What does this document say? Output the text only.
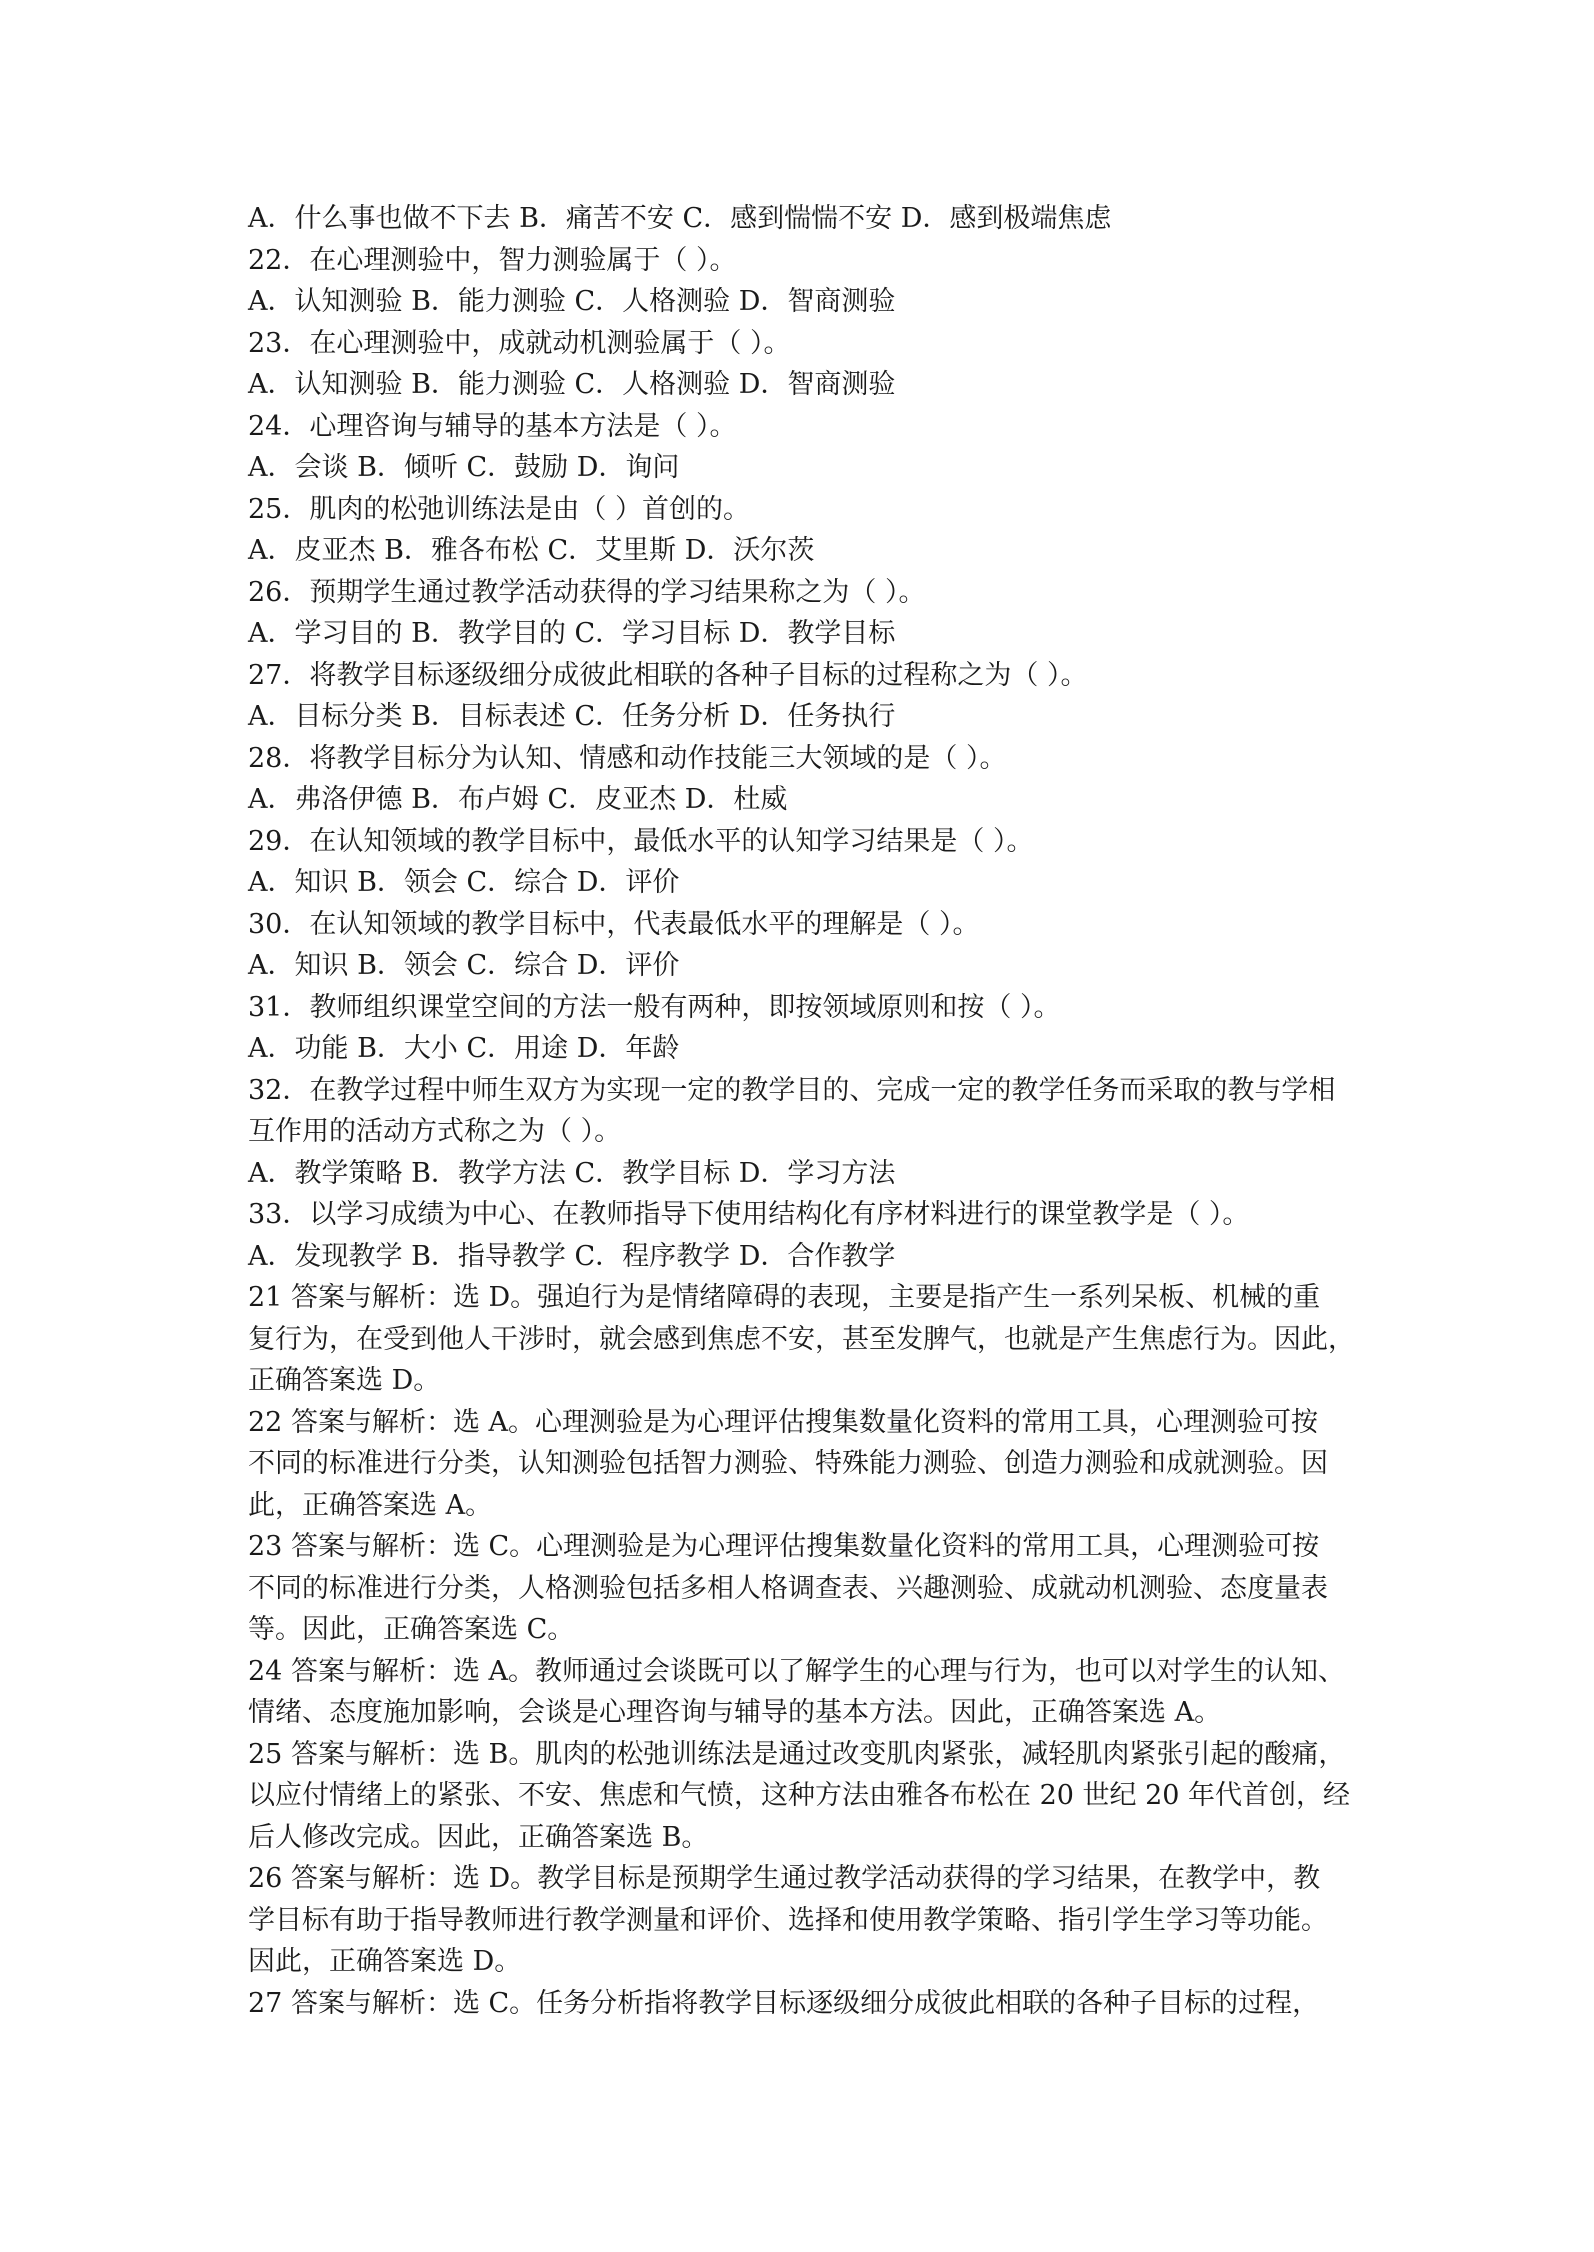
A．什么事也做不下去 B．痛苦不安 C．感到惴惴不安 D．感到极端焦虑
22．在心理测验中，智力测验属于（ ）。
A．认知测验 B．能力测验 C．人格测验 D．智商测验
23．在心理测验中，成就动机测验属于（ ）。
A．认知测验 B．能力测验 C．人格测验 D．智商测验
24．心理咨询与辅导的基本方法是（ ）。
A．会谈 B．倾听 C．鼓励 D．询问
25．肌肉的松弛训练法是由（ ）首创的。
A．皮亚杰 B．雅各布松 C．艾里斯 D．沃尔茨
26．预期学生通过教学活动获得的学习结果称之为（ ）。
A．学习目的 B．教学目的 C．学习目标 D．教学目标
27．将教学目标逐级细分成彼此相联的各种子目标的过程称之为（ ）。
A．目标分类 B．目标表述 C．任务分析 D．任务执行
28．将教学目标分为认知、情感和动作技能三大领域的是（ ）。
A．弗洛伊德 B．布卢姆 C．皮亚杰 D．杜威
29．在认知领域的教学目标中，最低水平的认知学习结果是（ ）。
A．知识 B．领会 C．综合 D．评价
30．在认知领域的教学目标中，代表最低水平的理解是（ ）。
A．知识 B．领会 C．综合 D．评价
31．教师组织课堂空间的方法一般有两种，即按领域原则和按（ ）。
A．功能 B．大小 C．用途 D．年龄
32．在教学过程中师生双方为实现一定的教学目的、完成一定的教学任务而采取的教与学相
互作用的活动方式称之为（ ）。
A．教学策略 B．教学方法 C．教学目标 D．学习方法
33．以学习成绩为中心、在教师指导下使用结构化有序材料进行的课堂教学是（ ）。
A．发现教学 B．指导教学 C．程序教学 D．合作教学
21 答案与解析：选 D。强迫行为是情绪障碍的表现，主要是指产生一系列呆板、机械的重
复行为，在受到他人干涉时，就会感到焦虑不安，甚至发脾气，也就是产生焦虑行为。因此，
正确答案选 D。
22 答案与解析：选 A。心理测验是为心理评估搜集数量化资料的常用工具，心理测验可按
不同的标准进行分类，认知测验包括智力测验、特殊能力测验、创造力测验和成就测验。因
此，正确答案选 A。
23 答案与解析：选 C。心理测验是为心理评估搜集数量化资料的常用工具，心理测验可按
不同的标准进行分类，人格测验包括多相人格调查表、兴趣测验、成就动机测验、态度量表
等。因此，正确答案选 C。
24 答案与解析：选 A。教师通过会谈既可以了解学生的心理与行为，也可以对学生的认知、
情绪、态度施加影响，会谈是心理咨询与辅导的基本方法。因此，正确答案选 A。
25 答案与解析：选 B。肌肉的松弛训练法是通过改变肌肉紧张，减轻肌肉紧张引起的酸痛，
以应付情绪上的紧张、不安、焦虑和气愤，这种方法由雅各布松在 20 世纪 20 年代首创，经
后人修改完成。因此，正确答案选 B。
26 答案与解析：选 D。教学目标是预期学生通过教学活动获得的学习结果，在教学中，教
学目标有助于指导教师进行教学测量和评价、选择和使用教学策略、指引学生学习等功能。
因此，正确答案选 D。
27 答案与解析：选 C。任务分析指将教学目标逐级细分成彼此相联的各种子目标的过程，
